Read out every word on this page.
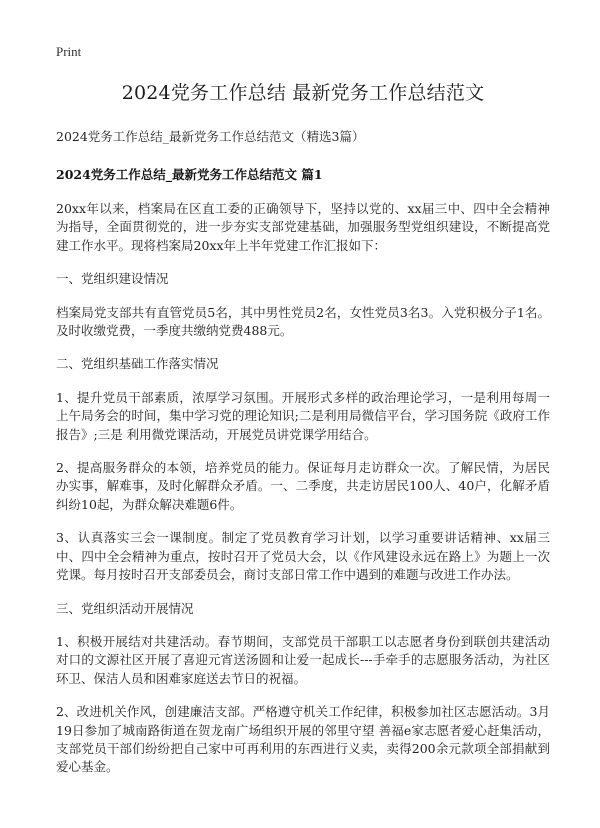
Print
2024党务工作总结 最新党务工作总结范文
2024党务工作总结_最新党务工作总结范文（精选3篇）
2024党务工作总结_最新党务工作总结范文 篇1

20xx年以来，档案局在区直工委的正确领导下，坚持以党的、xx届三中、四中全会精神为指导，全面贯彻党的，进一步夯实支部党建基础，加强服务型党组织建设，不断提高党建工作水平。现将档案局20xx年上半年党建工作汇报如下：

一、党组织建设情况

档案局党支部共有直管党员5名，其中男性党员2名，女性党员3名3。入党积极分子1名。及时收缴党费，一季度共缴纳党费488元。

二、党组织基础工作落实情况

1、提升党员干部素质，浓厚学习氛围。开展形式多样的政治理论学习，一是利用每周一上午局务会的时间，集中学习党的理论知识;二是利用局微信平台，学习国务院《政府工作报告》;三是 利用微党课活动，开展党员讲党课学用结合。

2、提高服务群众的本领，培养党员的能力。保证每月走访群众一次。了解民情，为居民办实事，解难事，及时化解群众矛盾。一、二季度，共走访居民100人、40户，化解矛盾纠纷10起，为群众解决难题6件。

3、认真落实三会一课制度。制定了党员教育学习计划，以学习重要讲话精神、xx届三中、四中全会精神为重点，按时召开了党员大会，以《作风建设永远在路上》为题上一次党课。每月按时召开支部委员会，商讨支部日常工作中遇到的难题与改进工作办法。

三、党组织活动开展情况

1、积极开展结对共建活动。春节期间，支部党员干部职工以志愿者身份到联创共建活动对口的文源社区开展了喜迎元宵送汤圆和让爱一起成长---手牵手的志愿服务活动，为社区环卫、保洁人员和困难家庭送去节日的祝福。

2、改进机关作风，创建廉洁支部。严格遵守机关工作纪律，积极参加社区志愿活动。3月19日参加了城南路街道在贺龙南广场组织开展的邻里守望 善福e家志愿者爱心赶集活动，支部党员干部们纷纷把自己家中可再利用的东西进行义卖，卖得200余元款项全部捐献到爱心基金。
